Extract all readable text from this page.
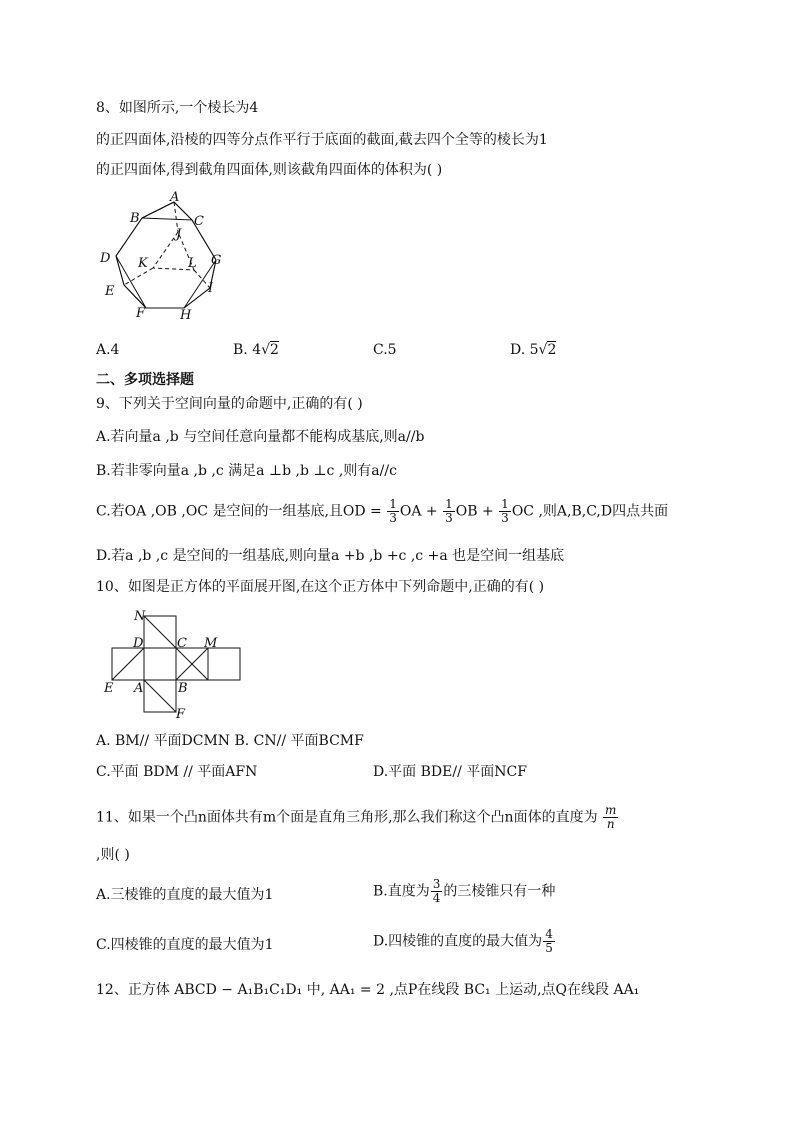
8、如图所示,一个棱长为4
的正四面体,沿棱的四等分点作平行于底面的截面,截去四个全等的棱长为1
的正四面体,得到截角四面体,则该截角四面体的体积为( )
A
B	C
J
D K	L G
E	I
F	H
A.4	B. 4√2	C.5	D. 5√2
二、多项选择题
9、下列关于空间向量的命题中,正确的有( )
A.若向量a ,b 与空间任意向量都不能构成基底,则a//b
B.若非零向量a ,b ,c 满足a ⊥b ,b ⊥c ,则有a//c
C.若OA ,OB ,OC 是空间的一组基底,且OD = $\frac{1}{3}$ OA + $\frac{1}{3}$ OB + $\frac{1}{3}$ OC ,则A,B,C,D四点共面
D.若a ,b ,c 是空间的一组基底,则向量a +b ,b +c ,c +a 也是空间一组基底
10、如图是正方体的平面展开图,在这个正方体中下列命题中,正确的有( )
N
D	C M
E A	B
F
A. BM// 平面DCMN B. CN// 平面BCMF
C.平面 BDM // 平面AFN	D.平面 BDE// 平面NCF
11、如果一个凸n面体共有m个面是直角三角形,那么我们称这个凸n面体的直度为 $\frac{m}{n}$
,则( )
A.三棱锥的直度的最大值为1	B.直度为 $\frac{3}{4}$ 的三棱锥只有一种
C.四棱锥的直度的最大值为1	D.四棱锥的直度的最大值为 $\frac{4}{5}$
12、正方体 ABCD − A₁B₁C₁D₁ 中, AA₁ = 2 ,点P在线段 BC₁ 上运动,点Q在线段 AA₁
